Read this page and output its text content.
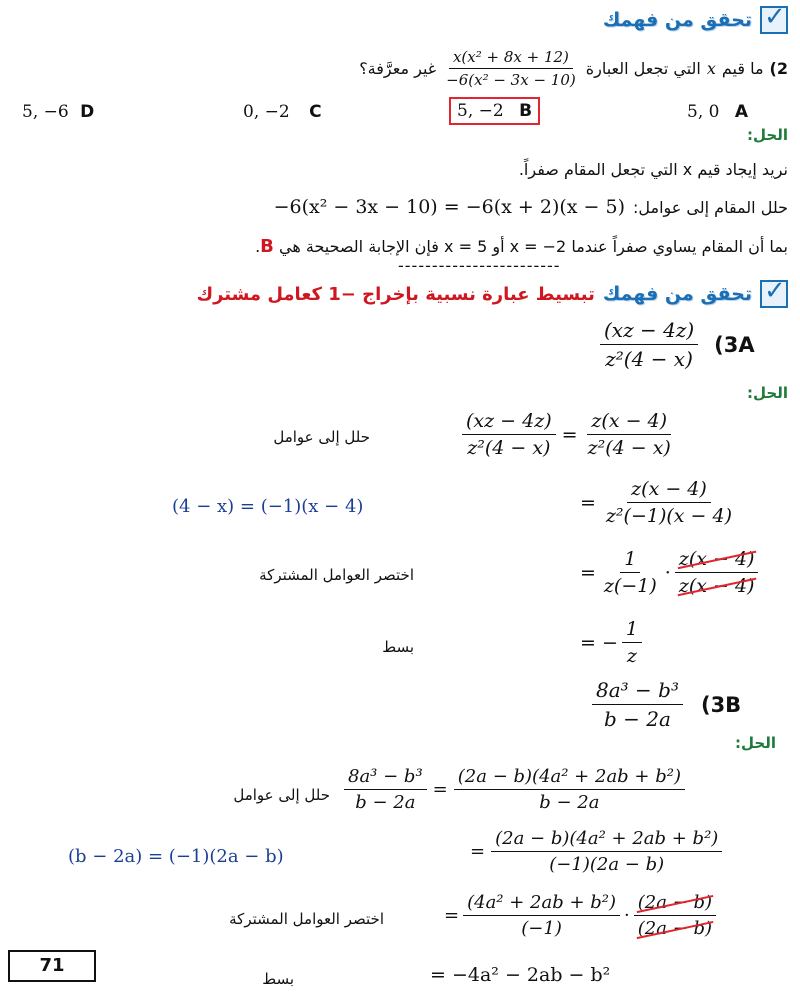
✓
تحقق من فهمك
2)
ما قيم
x
التي تجعل العبارة
$\frac{\text{x(x² + 8x + 12)}}{\text{−6(x² − 3x − 10)}}$
غير معرَّفة؟
5, 0 A
5, −2 B
0, −2 C
5, −6 D
الحل:
نريد إيجاد قيم x التي تجعل المقام صفراً.
حلل المقام إلى عوامل:
−6(x² − 3x − 10) = −6(x + 2)(x − 5)
بما أن المقام يساوي صفراً عندما x = −2 أو x = 5 فإن الإجابة الصحيحة هي B.
------------------------
✓
تحقق من فهمك
تبسيط عبارة نسبية بإخراج −1 كعامل مشترك
$\frac{(xz - 4z)}{\text{z²(4 − x)}} (3A$
الحل:
حلل إلى عوامل	$\frac{(xz - 4z)}{\text{z²(4 − x)}} = \frac{z(x - 4)}{\text{z²(4 − x)}}$
(4 − x) = (−1)(x − 4)	= $\frac{z(x - 4)}{\text{z²(−1)(x − 4)}}$
اختصر العوامل المشتركة	= $\frac{1}{z(-1)} \cdot \frac{z(x - 4)}{z(x - 4)}$
بسط	= − $\frac{1}{z}$
$\frac{\text{8a³ − b³}}{b - 2a} (3B$
الحل:
حلل إلى عوامل $\frac{\text{8a³ − b³}}{b - 2a} = \frac{\text{(2a − b)(4a² + 2ab + b²)}}{b - 2a}$
(b − 2a) = (−1)(2a − b)	= $\frac{\text{(2a − b)(4a² + 2ab + b²)}}{(-1)(2a - b)}$
اختصر العوامل المشتركة	= $\frac{\text{(4a² + 2ab + b²)}}{(-1)} \cdot \frac{(2a - b)}{(2a - b)}$
بسط	= −4a² − 2ab − b²
71
